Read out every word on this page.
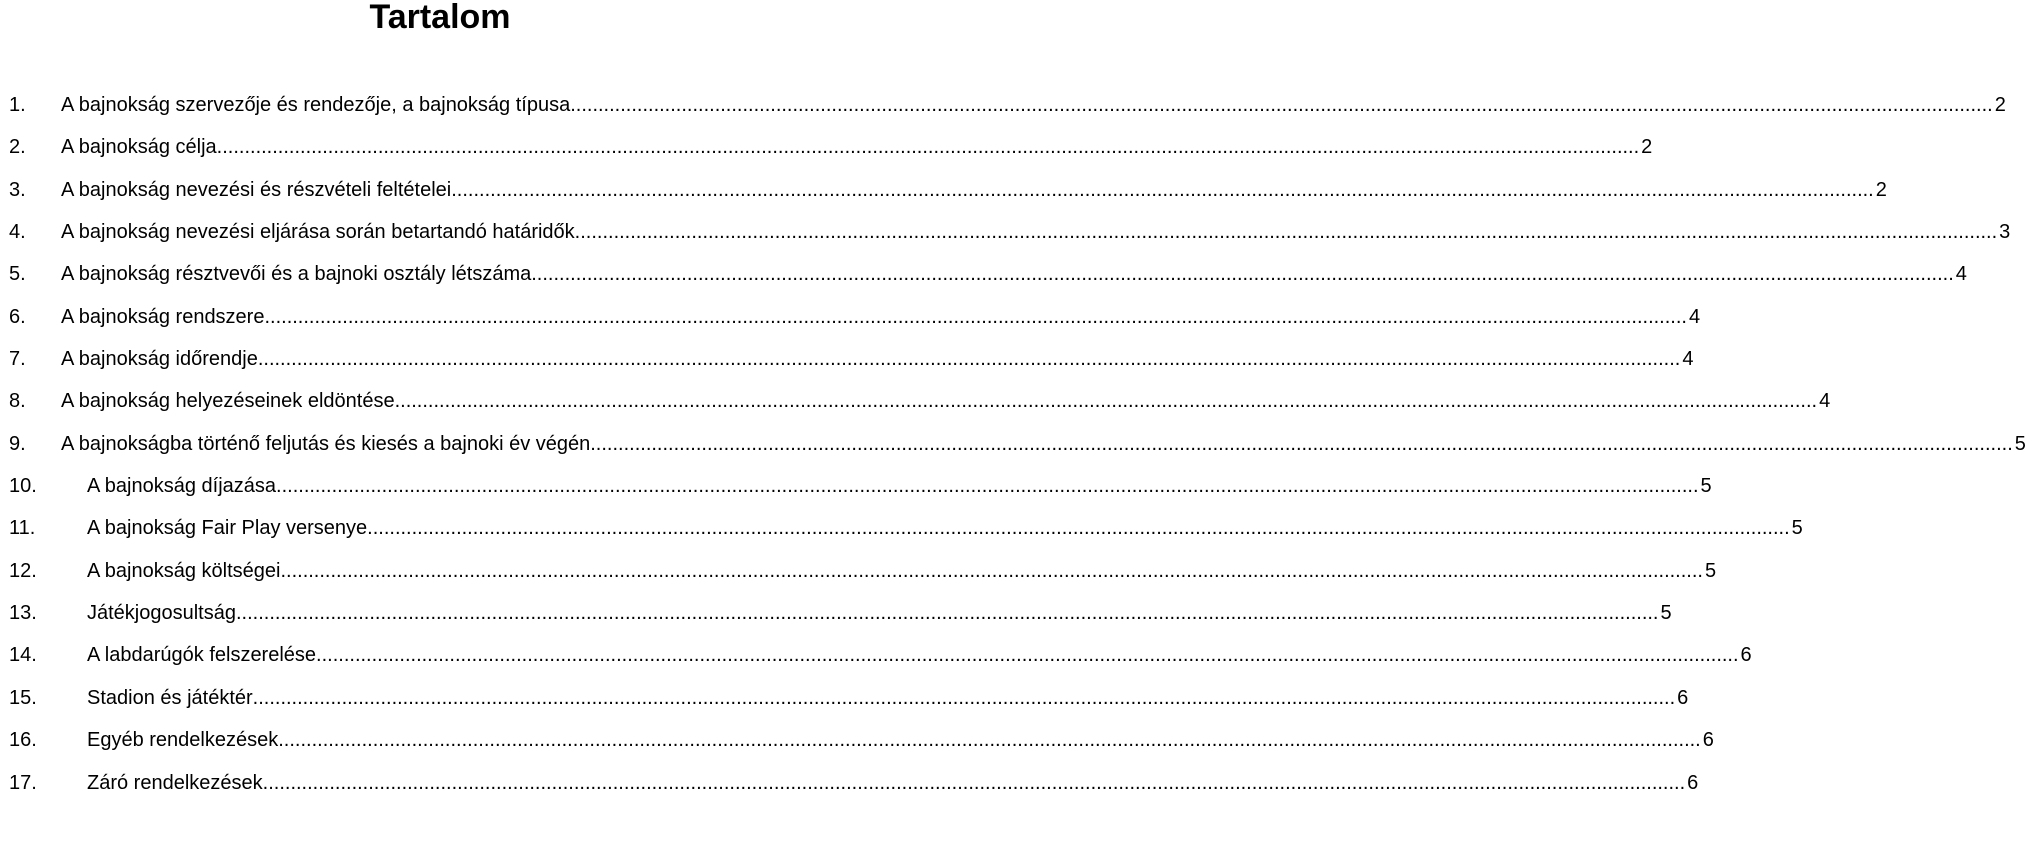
Tartalom
1.	A bajnokság szervezője és rendezője, a bajnokság típusa .....	2
2.	A bajnokság célja .....	2
3.	A bajnokság nevezési és részvételi feltételei .....	2
4.	A bajnokság nevezési eljárása során betartandó határidők .....	3
5.	A bajnokság résztvevői és a bajnoki osztály létszáma .....	4
6.	A bajnokság rendszere .....	4
7.	A bajnokság időrendje .....	4
8.	A bajnokság helyezéseinek eldöntése .....	4
9.	A bajnokságba történő feljutás és kiesés a bajnoki év végén .....	5
10.	A bajnokság díjazása .....	5
11.	A bajnokság Fair Play versenye .....	5
12.	A bajnokság költségei .....	5
13.	Játékjogosultság .....	5
14.	A labdarúgók felszerelése .....	6
15.	Stadion és játéktér .....	6
16.	Egyéb rendelkezések .....	6
17.	Záró rendelkezések .....	6
